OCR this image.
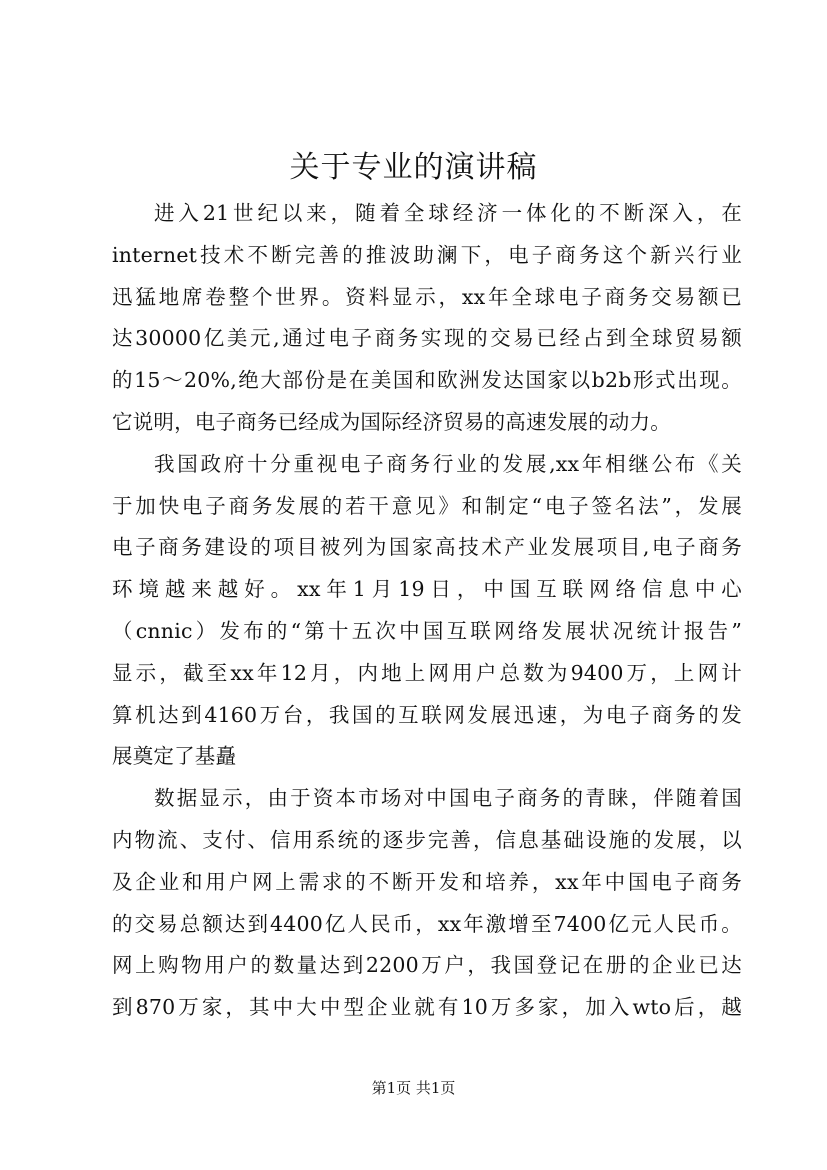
关于专业的演讲稿
进入21世纪以来，随着全球经济一体化的不断深入，在
internet技术不断完善的推波助澜下，电子商务这个新兴行业
迅猛地席卷整个世界。资料显示，xx年全球电子商务交易额已
达30000亿美元,通过电子商务实现的交易已经占到全球贸易额
的15～20%,绝大部份是在美国和欧洲发达国家以b2b形式出现。
它说明，电子商务已经成为国际经济贸易的高速发展的动力。
我国政府十分重视电子商务行业的发展,xx年相继公布《关
于加快电子商务发展的若干意见》和制定“电子签名法”，发展
电子商务建设的项目被列为国家高技术产业发展项目,电子商务
环境越来越好。xx年1月19日，中国互联网络信息中心
（cnnic）发布的“第十五次中国互联网络发展状况统计报告”
显示，截至xx年12月，内地上网用户总数为9400万，上网计
算机达到4160万台，我国的互联网发展迅速，为电子商务的发
展奠定了基矗
数据显示，由于资本市场对中国电子商务的青睐，伴随着国
内物流、支付、信用系统的逐步完善，信息基础设施的发展，以
及企业和用户网上需求的不断开发和培养，xx年中国电子商务
的交易总额达到4400亿人民币，xx年激增至7400亿元人民币。
网上购物用户的数量达到2200万户，我国登记在册的企业已达
到870万家，其中大中型企业就有10万多家，加入wto后，越
第1页 共1页
